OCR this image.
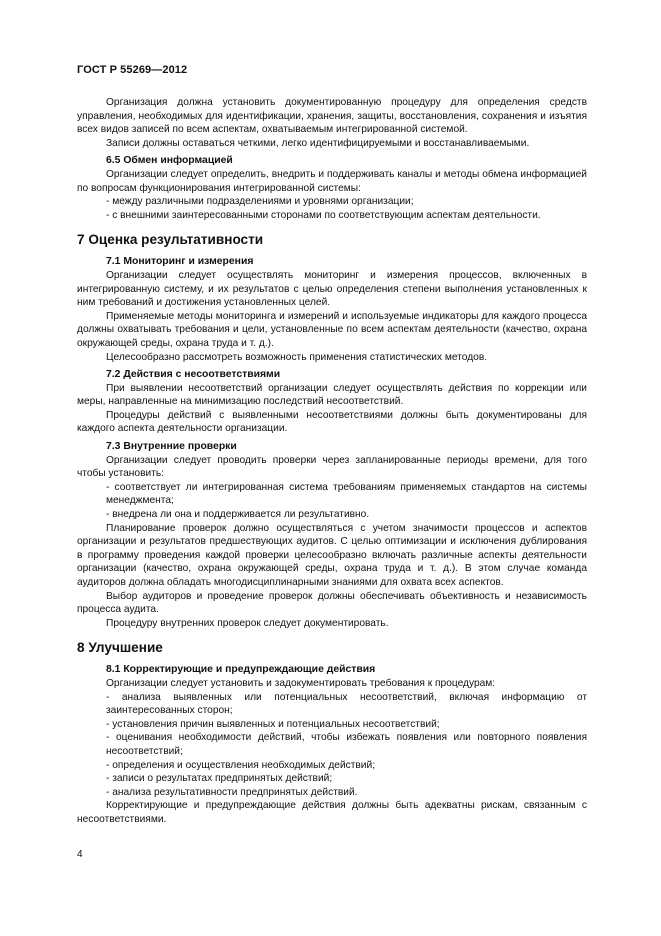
ГОСТ Р 55269—2012
Организация должна установить документированную процедуру для определения средств управления, необходимых для идентификации, хранения, защиты, восстановления, сохранения и изъятия всех видов записей по всем аспектам, охватываемым интегрированной системой.
Записи должны оставаться четкими, легко идентифицируемыми и восстанавливаемыми.
6.5 Обмен информацией
Организации следует определить, внедрить и поддерживать каналы и методы обмена информацией по вопросам функционирования интегрированной системы:
- между различными подразделениями и уровнями организации;
- с внешними заинтересованными сторонами по соответствующим аспектам деятельности.
7 Оценка результативности
7.1 Мониторинг и измерения
Организации следует осуществлять мониторинг и измерения процессов, включенных в интегрированную систему, и их результатов с целью определения степени выполнения установленных к ним требований и достижения установленных целей.
Применяемые методы мониторинга и измерений и используемые индикаторы для каждого процесса должны охватывать требования и цели, установленные по всем аспектам деятельности (качество, охрана окружающей среды, охрана труда и т. д.).
Целесообразно рассмотреть возможность применения статистических методов.
7.2 Действия с несоответствиями
При выявлении несоответствий организации следует осуществлять действия по коррекции или меры, направленные на минимизацию последствий несоответствий.
Процедуры действий с выявленными несоответствиями должны быть документированы для каждого аспекта деятельности организации.
7.3 Внутренние проверки
Организации следует проводить проверки через запланированные периоды времени, для того чтобы установить:
- соответствует ли интегрированная система требованиям применяемых стандартов на системы менеджмента;
- внедрена ли она и поддерживается ли результативно.
Планирование проверок должно осуществляться с учетом значимости процессов и аспектов организации и результатов предшествующих аудитов. С целью оптимизации и исключения дублирования в программу проведения каждой проверки целесообразно включать различные аспекты деятельности организации (качество, охрана окружающей среды, охрана труда и т. д.). В этом случае команда аудиторов должна обладать многодисциплинарными знаниями для охвата всех аспектов.
Выбор аудиторов и проведение проверок должны обеспечивать объективность и независимость процесса аудита.
Процедуру внутренних проверок следует документировать.
8 Улучшение
8.1 Корректирующие и предупреждающие действия
Организации следует установить и задокументировать требования к процедурам:
- анализа выявленных или потенциальных несоответствий, включая информацию от заинтересованных сторон;
- установления причин выявленных и потенциальных несоответствий;
- оценивания необходимости действий, чтобы избежать появления или повторного появления несоответствий;
- определения и осуществления необходимых действий;
- записи о результатах предпринятых действий;
- анализа результативности предпринятых действий.
Корректирующие и предупреждающие действия должны быть адекватны рискам, связанным с несоответствиями.
4
